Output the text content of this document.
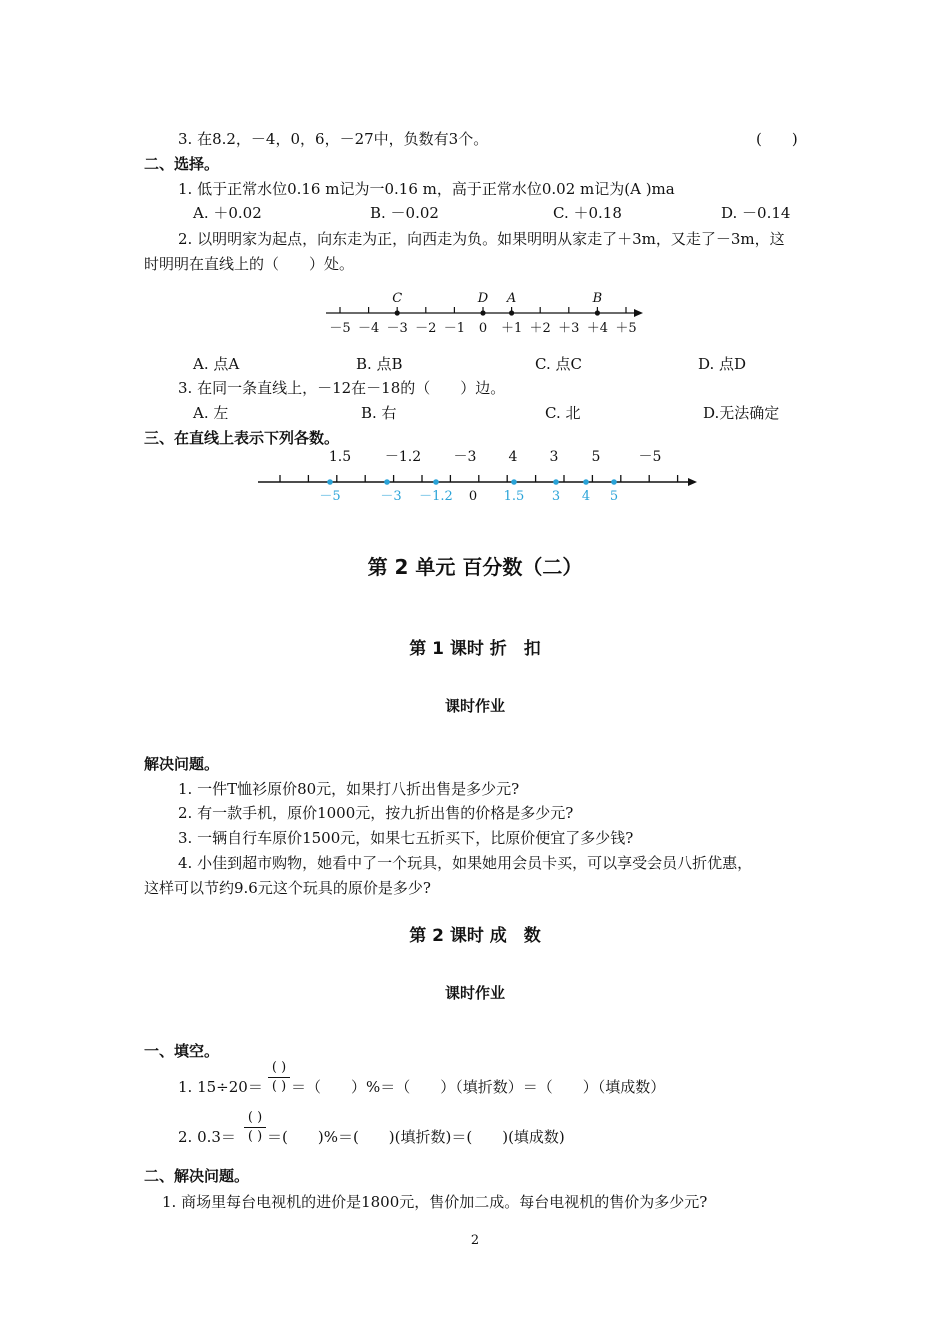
3. 在8.2，－4，0，6，－27中，负数有3个。	(　　)
二、选择。
1. 低于正常水位0.16 m记为一0.16 m，高于正常水位0.02 m记为(A )ma
A. ＋0.02	B. －0.02	C. ＋0.18	D. －0.14
2. 以明明家为起点，向东走为正，向西走为负。如果明明从家走了＋3m，又走了－3m，这
时明明在直线上的（　　）处。
－5 －4 －3 －2 －1 0 ＋1 ＋2 ＋3 ＋4 ＋5
C	D A	B
A. 点A	B. 点B	C. 点C	D. 点D
3. 在同一条直线上，－12在－18的（　　）边。
A. 左	B. 右	C. 北	D.无法确定
三、在直线上表示下列各数。
1.5 －1.2 －3 4 3 5	－5
－5	－3 －1.2 0 1.5 3 4 5
第 2 单元 百分数（二）
第 1 课时 折　扣
课时作业
解决问题。
1. 一件T恤衫原价80元，如果打八折出售是多少元?
2. 有一款手机，原价1000元，按九折出售的价格是多少元?
3. 一辆自行车原价1500元，如果七五折买下，比原价便宜了多少钱?
4. 小佳到超市购物，她看中了一个玩具，如果她用会员卡买，可以享受会员八折优惠，
这样可以节约9.6元这个玩具的原价是多少?
第 2 课时 成　数
课时作业
一、填空。
1. 15÷20＝
( )
( ) ＝（　　）%＝（　　）（填折数）＝（　　）（填成数）
2. 0.3＝
( )
( ) ＝(　　)%＝(　　)(填折数)＝(　　)(填成数)
二、解决问题。
1. 商场里每台电视机的进价是1800元，售价加二成。每台电视机的售价为多少元?
2
